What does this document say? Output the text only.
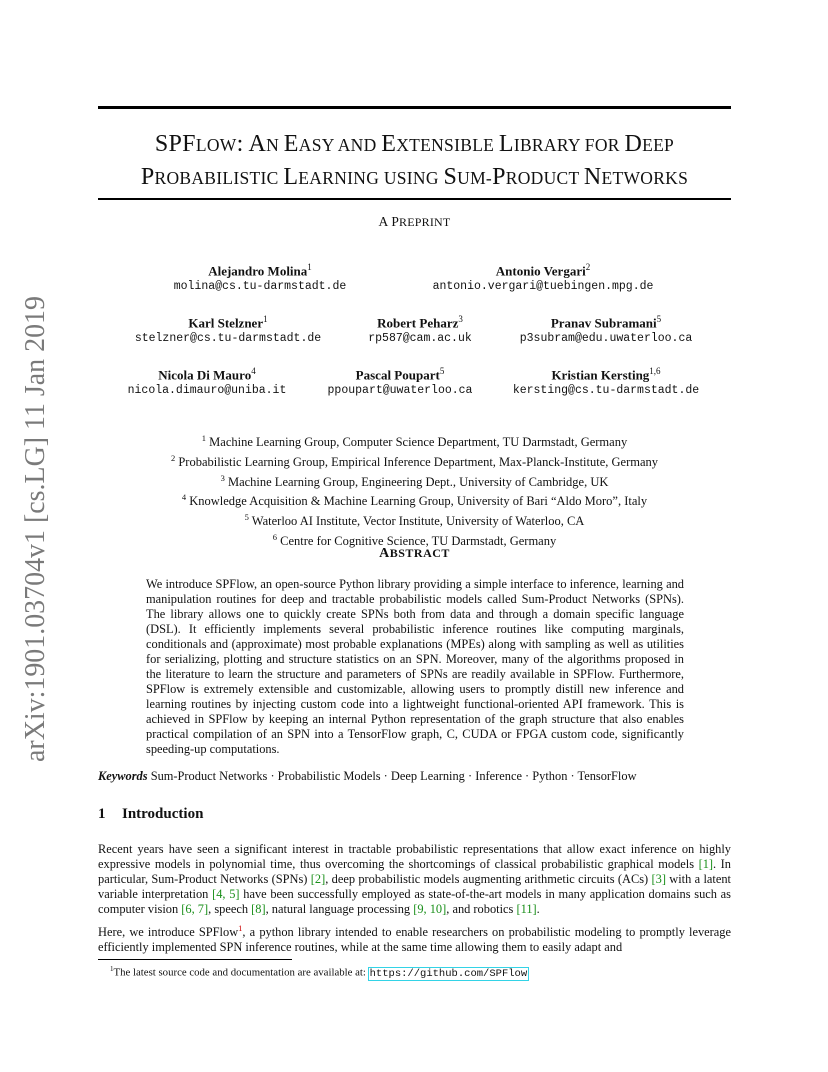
arXiv:1901.03704v1 [cs.LG] 11 Jan 2019
SPFLOW: AN EASY AND EXTENSIBLE LIBRARY FOR DEEP
PROBABILISTIC LEARNING USING SUM-PRODUCT NETWORKS
A PREPRINT
Alejandro Molina$^1$
molina@cs.tu-darmstadt.de
Antonio Vergari$^2$
antonio.vergari@tuebingen.mpg.de
Karl Stelzner$^1$
stelzner@cs.tu-darmstadt.de
Robert Peharz$^3$
rp587@cam.ac.uk
Pranav Subramani$^5$
p3subram@edu.uwaterloo.ca
Nicola Di Mauro$^4$
nicola.dimauro@uniba.it
Pascal Poupart$^5$
ppoupart@uwaterloo.ca
Kristian Kersting$^{1,6}$
kersting@cs.tu-darmstadt.de
$^1$ Machine Learning Group, Computer Science Department, TU Darmstadt, Germany
$^2$ Probabilistic Learning Group, Empirical Inference Department, Max-Planck-Institute, Germany
$^3$ Machine Learning Group, Engineering Dept., University of Cambridge, UK
$^4$ Knowledge Acquisition & Machine Learning Group, University of Bari “Aldo Moro”, Italy
$^5$ Waterloo AI Institute, Vector Institute, University of Waterloo, CA
$^6$ Centre for Cognitive Science, TU Darmstadt, Germany
ABSTRACT
We introduce SPFlow, an open-source Python library providing a simple interface to inference, learning and manipulation routines for deep and tractable probabilistic models called Sum-Product Networks (SPNs). The library allows one to quickly create SPNs both from data and through a domain specific language (DSL). It efficiently implements several probabilistic inference routines like computing marginals, conditionals and (approximate) most probable explanations (MPEs) along with sampling as well as utilities for serializing, plotting and structure statistics on an SPN. Moreover, many of the algorithms proposed in the literature to learn the structure and parameters of SPNs are readily available in SPFlow. Furthermore, SPFlow is extremely extensible and customizable, allowing users to promptly distill new inference and learning routines by injecting custom code into a lightweight functional-oriented API framework. This is achieved in SPFlow by keeping an internal Python representation of the graph structure that also enables practical compilation of an SPN into a TensorFlow graph, C, CUDA or FPGA custom code, significantly speeding-up computations.
Keywords Sum-Product Networks · Probabilistic Models · Deep Learning · Inference · Python · TensorFlow
1 Introduction
Recent years have seen a significant interest in tractable probabilistic representations that allow exact inference on highly expressive models in polynomial time, thus overcoming the shortcomings of classical probabilistic graphical models [1]. In particular, Sum-Product Networks (SPNs) [2], deep probabilistic models augmenting arithmetic circuits (ACs) [3] with a latent variable interpretation [4, 5] have been successfully employed as state-of-the-art models in many application domains such as computer vision [6, 7], speech [8], natural language processing [9, 10], and robotics [11].
Here, we introduce SPFlow$^1$, a python library intended to enable researchers on probabilistic modeling to promptly leverage efficiently implemented SPN inference routines, while at the same time allowing them to easily adapt and
$^1$The latest source code and documentation are available at: https://github.com/SPFlow
